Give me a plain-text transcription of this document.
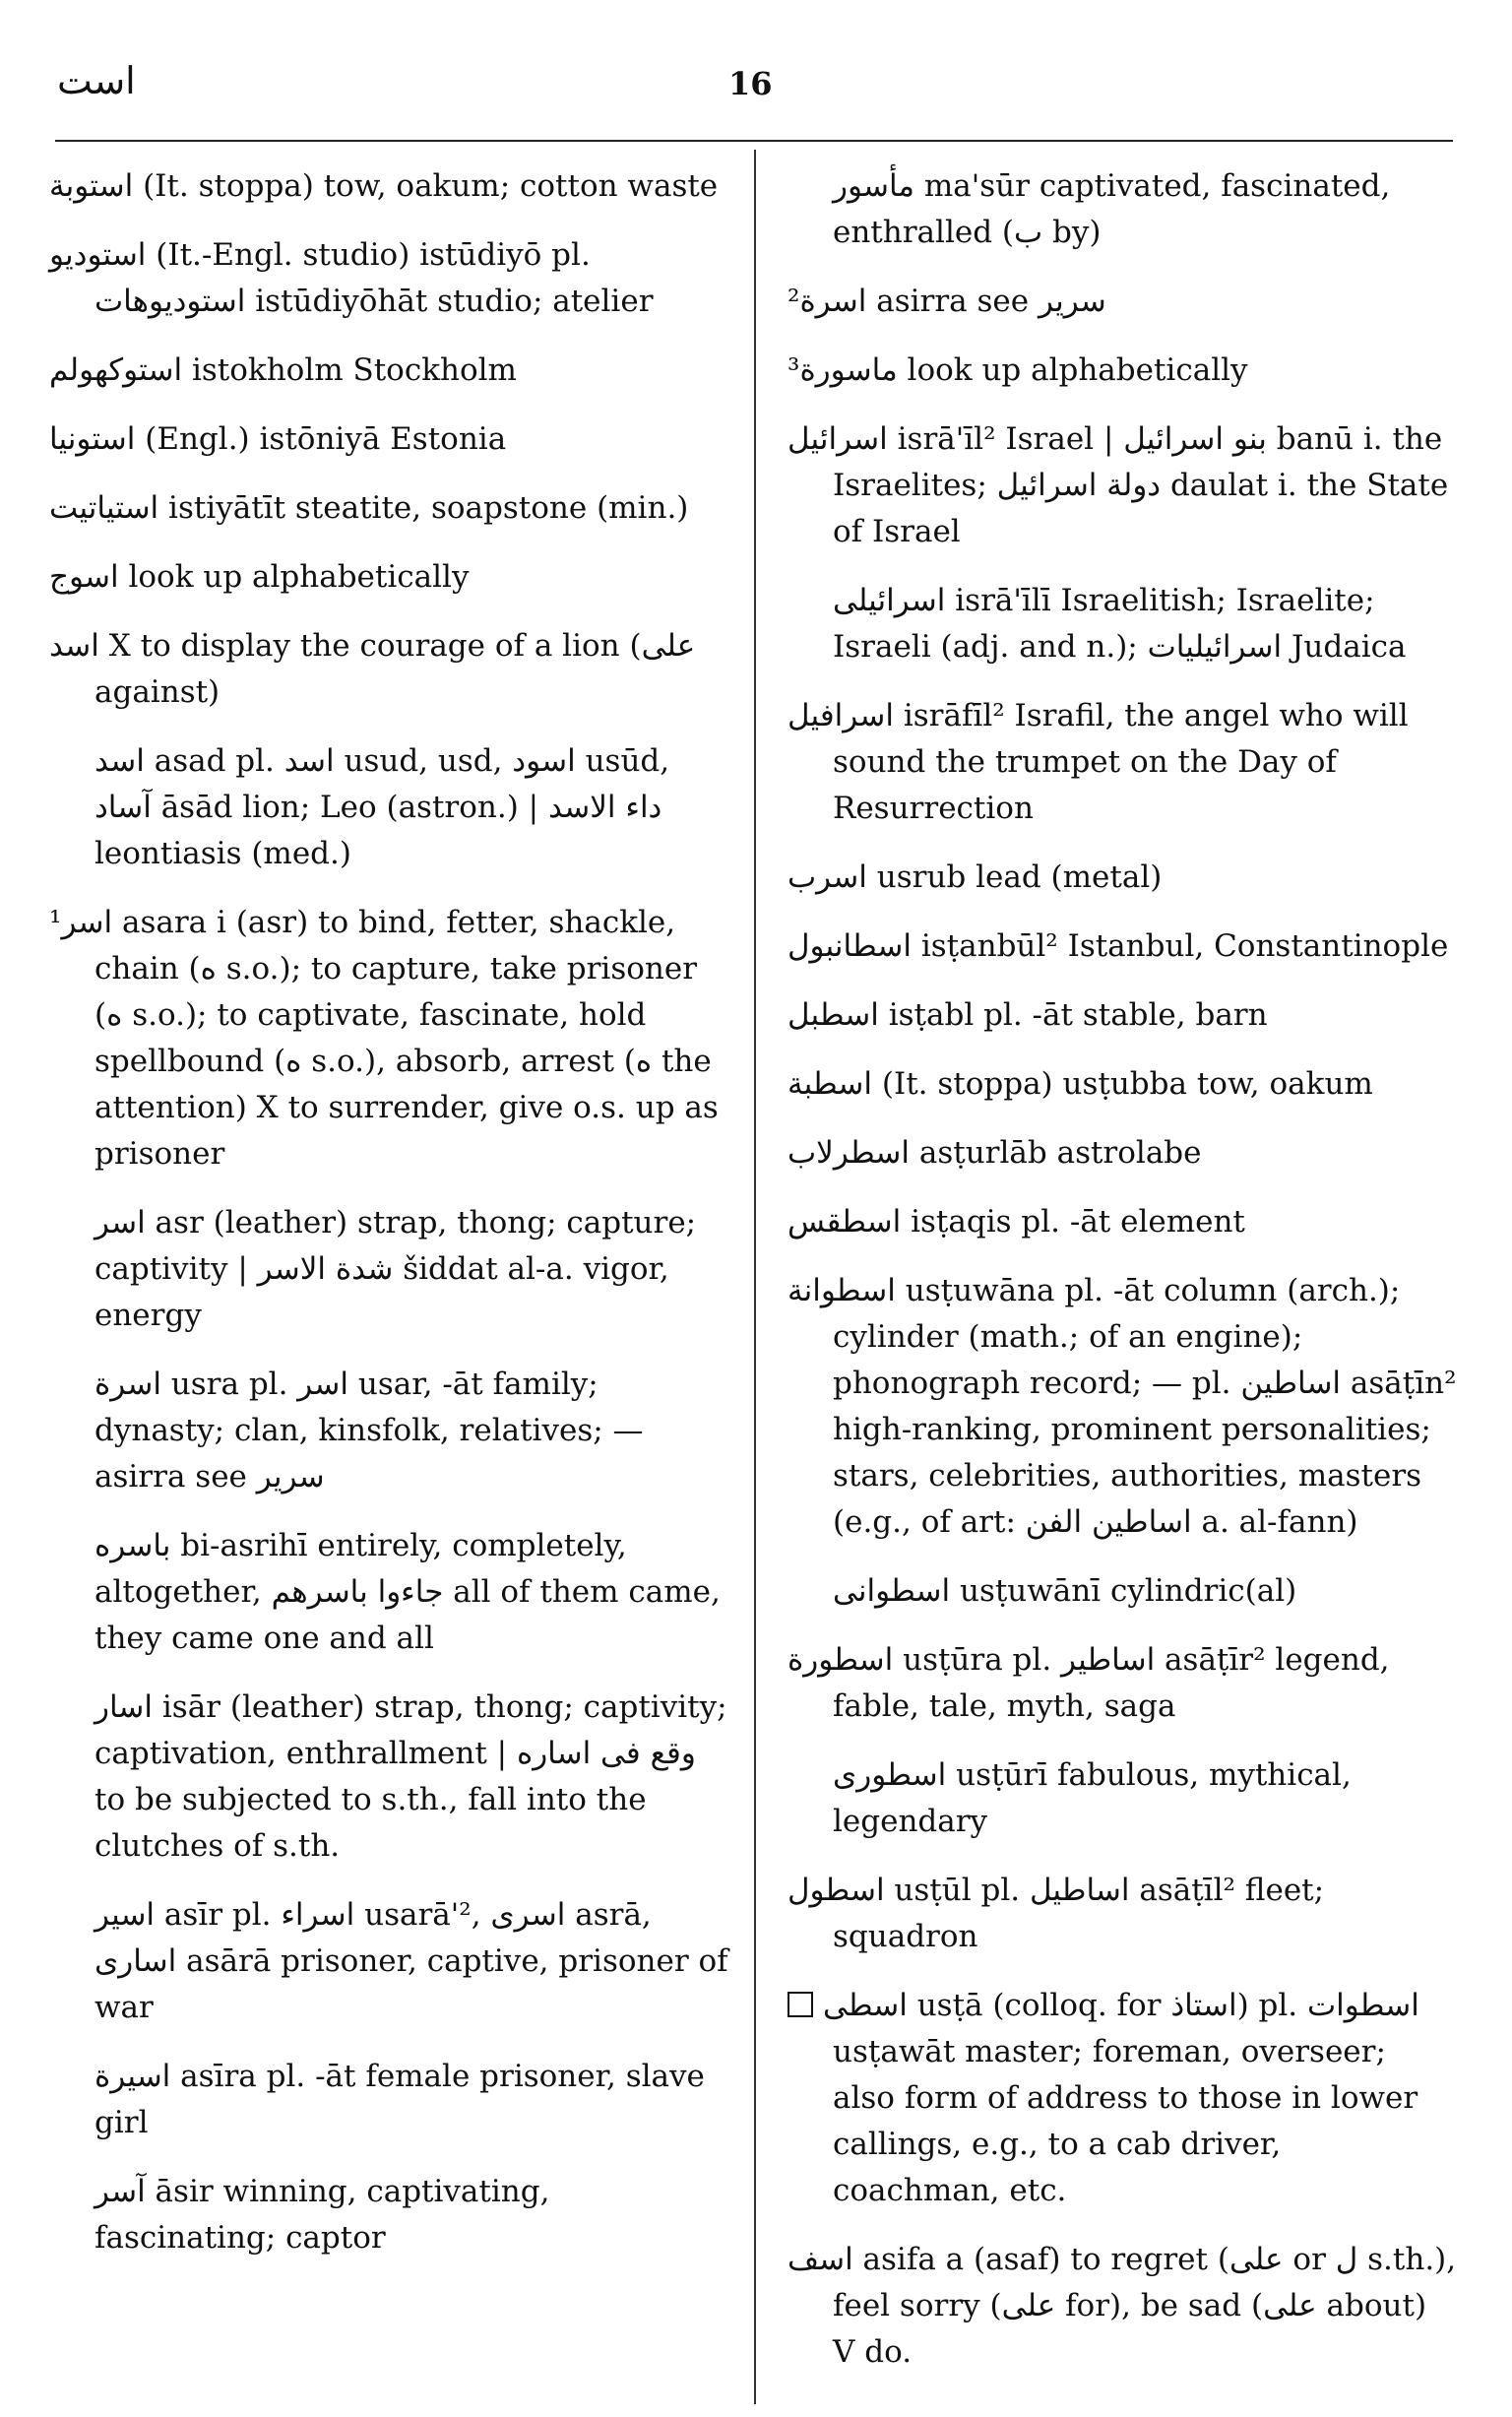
است	16
استوبة (It. stoppa) tow, oakum; cotton waste
استوديو (It.-Engl. studio) istūdiyō pl. استوديوهات istūdiyōhāt studio; atelier
استوكهولم istokholm Stockholm
استونيا (Engl.) istōniyā Estonia
استياتيت istiyātīt steatite, soapstone (min.)
اسوج look up alphabetically
اسد X to display the courage of a lion (على against)
اسد asad pl. اسد usud, usd, اسود usūd, آساد āsād lion; Leo (astron.) | داء الاسد leontiasis (med.)
¹اسر asara i (asr) to bind, fetter, shackle, chain (ه s.o.); to capture, take prisoner (ه s.o.); to captivate, fascinate, hold spellbound (ه s.o.), absorb, arrest (ه the attention) X to surrender, give o.s. up as prisoner
اسر asr (leather) strap, thong; capture; captivity | شدة الاسر šiddat al-a. vigor, energy
اسرة usra pl. اسر usar, -āt family; dynasty; clan, kinsfolk, relatives; — asirra see سرير
باسره bi-asrihī entirely, completely, altogether, جاءوا باسرهم all of them came, they came one and all
اسار isār (leather) strap, thong; captivity; captivation, enthrallment | وقع فى اساره to be subjected to s.th., fall into the clutches of s.th.
اسير asīr pl. اسراء usarā'², اسرى asrā, اسارى asārā prisoner, captive, prisoner of war
اسيرة asīra pl. -āt female prisoner, slave girl
آسر āsir winning, captivating, fascinating; captor
مأسور ma'sūr captivated, fascinated, enthralled (ب by)
²اسرة asirra see سرير
³ماسورة look up alphabetically
اسرائيل isrā'īl² Israel | بنو اسرائيل banū i. the Israelites; دولة اسرائيل daulat i. the State of Israel
اسرائيلى isrā'īlī Israelitish; Israelite; Israeli (adj. and n.); اسرائيليات Judaica
اسرافيل isrāfīl² Israfil, the angel who will sound the trumpet on the Day of Resurrection
اسرب usrub lead (metal)
اسطانبول isṭanbūl² Istanbul, Constantinople
اسطبل isṭabl pl. -āt stable, barn
اسطبة (It. stoppa) usṭubba tow, oakum
اسطرلاب asṭurlāb astrolabe
اسطقس isṭaqis pl. -āt element
اسطوانة usṭuwāna pl. -āt column (arch.); cylinder (math.; of an engine); phonograph record; — pl. اساطين asāṭīn² high-ranking, prominent personalities; stars, celebrities, authorities, masters (e.g., of art: اساطين الفن a. al-fann)
اسطوانى usṭuwānī cylindric(al)
اسطورة usṭūra pl. اساطير asāṭīr² legend, fable, tale, myth, saga
اسطورى usṭūrī fabulous, mythical, legendary
اسطول usṭūl pl. اساطيل asāṭīl² fleet; squadron
اسطى usṭā (colloq. for استاذ) pl. اسطوات usṭawāt master; foreman, overseer; also form of address to those in lower callings, e.g., to a cab driver, coachman, etc.
اسف asifa a (asaf) to regret (على or ل s.th.), feel sorry (على for), be sad (على about) V do.
